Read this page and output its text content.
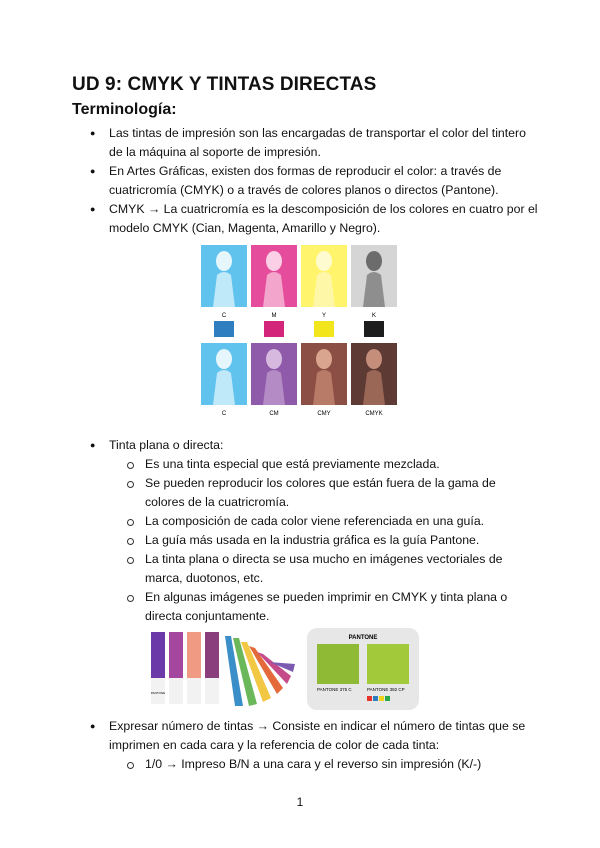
UD 9: CMYK Y TINTAS DIRECTAS
Terminología:
● Las tintas de impresión son las encargadas de transportar el color del tintero

de la máquina al soporte de impresión.

● En Artes Gráficas, existen dos formas de reproducir el color: a través de

cuatricromía (CMYK) o a través de colores planos o directos (Pantone).

● CMYK → La cuatricromía es la descomposición de los colores en cuatro por el

modelo CMYK (Cian, Magenta, Amarillo y Negro).

C	M	Y	K
C	CM	CMY	CMYK
● Tinta plana o directa:

Es una tinta especial que está previamente mezclada.

Se pueden reproducir los colores que están fuera de la gama de

colores de la cuatricromía.

La composición de cada color viene referenciada en una guía.

La guía más usada en la industria gráfica es la guía Pantone.

La tinta plana o directa se usa mucho en imágenes vectoriales de

marca, duotonos, etc.

En algunas imágenes se pueden imprimir en CMYK y tinta plana o

directa conjuntamente.

PANTONE
PANTONE
PANTONE 375 C	PANTONE 382 CP
● Expresar número de tintas → Consiste en indicar el número de tintas que se

imprimen en cada cara y la referencia de color de cada tinta:

1/0 → Impreso B/N a una cara y el reverso sin impresión (K/-)

1
